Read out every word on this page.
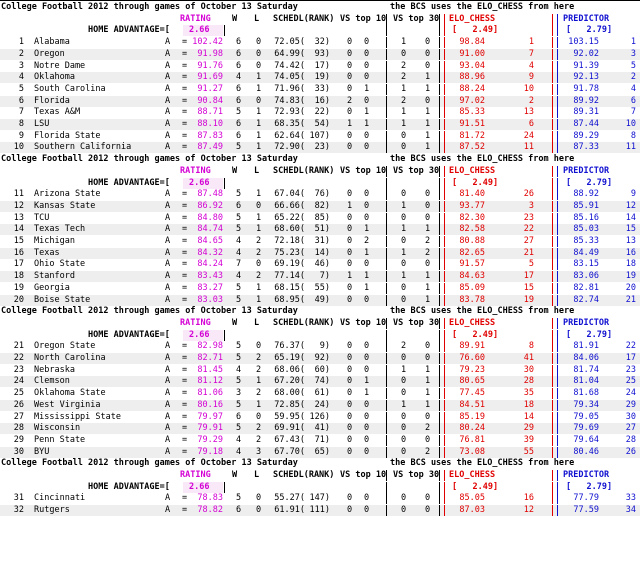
College Football 2012 through games of October 13 Saturday	the BCS uses the ELO_CHESS from here
RATING	W L SCHEDL(RANK) VS top 10 VS top 30 ELO_CHESS	PREDICTOR
HOME ADVANTAGE=[ 2.66	[   2.49]	[   2.79]
1 Alabama	A = 102.42 6 0	72.05(	32) 0 0	1 0	98.84	1	103.15	1
2 Oregon	A =	91.98 6 0	64.99(	93) 0 0	0 0	91.00	7	92.02	3
3 Notre Dame	A =	91.76 6 0	74.42(	17) 0 0	2 0	93.04	4	91.39	5
4 Oklahoma	A =	91.69 4 1	74.05(	19) 0 0	2 1	88.96	9	92.13	2
5 South Carolina	A =	91.27 6 1	71.96(	33) 0 1	1 1	88.24	10	91.78	4
6 Florida	A =	90.84 6 0	74.83(	16) 2 0	2 0	97.02	2	89.92	6
7 Texas A&M	A =	88.71 5 1	72.93(	22) 0 1	1 1	85.33	13	89.31	7
8 LSU	A =	88.10 6 1	68.35(	54) 1 1	1 1	91.51	6	87.44	10
9 Florida State	A =	87.83 6 1	62.64( 107) 0 0	0 1	81.72	24	89.29	8
10 Southern California	A =	87.49 5 1	72.90(	23) 0 0	0 1	87.52	11	87.33	11
College Football 2012 through games of October 13 Saturday	the BCS uses the ELO_CHESS from here
RATING	W L SCHEDL(RANK) VS top 10 VS top 30 ELO_CHESS	PREDICTOR
HOME ADVANTAGE=[ 2.66	[   2.49]	[   2.79]
11 Arizona State	A =	87.48 5 1	67.04(	76) 0 0	0 0	81.40	26	88.92	9
12 Kansas State	A =	86.92 6 0	66.66(	82) 1 0	1 0	93.77	3	85.91	12
13 TCU	A =	84.80 5 1	65.22(	85) 0 0	0 0	82.30	23	85.16	14
14 Texas Tech	A =	84.74 5 1	68.60(	51) 0 1	1 1	82.58	22	85.03	15
15 Michigan	A =	84.65 4 2	72.18(	31) 0 2	0 2	80.88	27	85.33	13
16 Texas	A =	84.32 4 2	75.23(	14) 0 1	1 2	82.65	21	84.49	16
17 Ohio State	A =	84.24 7 0	69.19(	46) 0 0	0 0	91.57	5	83.15	18
18 Stanford	A =	83.43 4 2	77.14(	7) 1 1	1 1	84.63	17	83.06	19
19 Georgia	A =	83.27 5 1	68.15(	55) 0 1	0 1	85.09	15	82.81	20
20 Boise State	A =	83.03 5 1	68.95(	49) 0 0	0 1	83.78	19	82.74	21
College Football 2012 through games of October 13 Saturday	the BCS uses the ELO_CHESS from here
RATING	W L SCHEDL(RANK) VS top 10 VS top 30 ELO_CHESS	PREDICTOR
HOME ADVANTAGE=[ 2.66	[   2.49]	[   2.79]
21 Oregon State	A =	82.98 5 0	76.37(	9) 0 0	2 0	89.91	8	81.91	22
22 North Carolina	A =	82.71 5 2	65.19(	92) 0 0	0 0	76.60	41	84.06	17
23 Nebraska	A =	81.45 4 2	68.06(	60) 0 0	1 1	79.23	30	81.74	23
24 Clemson	A =	81.12 5 1	67.20(	74) 0 1	0 1	80.65	28	81.04	25
25 Oklahoma State	A =	81.06 3 2	68.00(	61) 0 1	0 1	77.45	35	81.68	24
26 West Virginia	A =	80.16 5 1	72.85(	24) 0 0	1 1	84.51	18	79.34	29
27 Mississippi State	A =	79.97 6 0	59.95( 126) 0 0	0 0	85.19	14	79.05	30
28 Wisconsin	A =	79.91 5 2	69.91(	41) 0 0	0 2	80.24	29	79.69	27
29 Penn State	A =	79.29 4 2	67.43(	71) 0 0	0 0	76.81	39	79.64	28
30 BYU	A =	79.18 4 3	67.70(	65) 0 0	0 2	73.08	55	80.46	26
College Football 2012 through games of October 13 Saturday	the BCS uses the ELO_CHESS from here
RATING	W L SCHEDL(RANK) VS top 10 VS top 30 ELO_CHESS	PREDICTOR
HOME ADVANTAGE=[ 2.66	[   2.49]	[   2.79]
31 Cincinnati	A =	78.83 5 0	55.27( 147) 0 0	0 0	85.05	16	77.79	33
32 Rutgers	A =	78.82 6 0	61.91( 111) 0 0	0 0	87.03	12	77.59	34
